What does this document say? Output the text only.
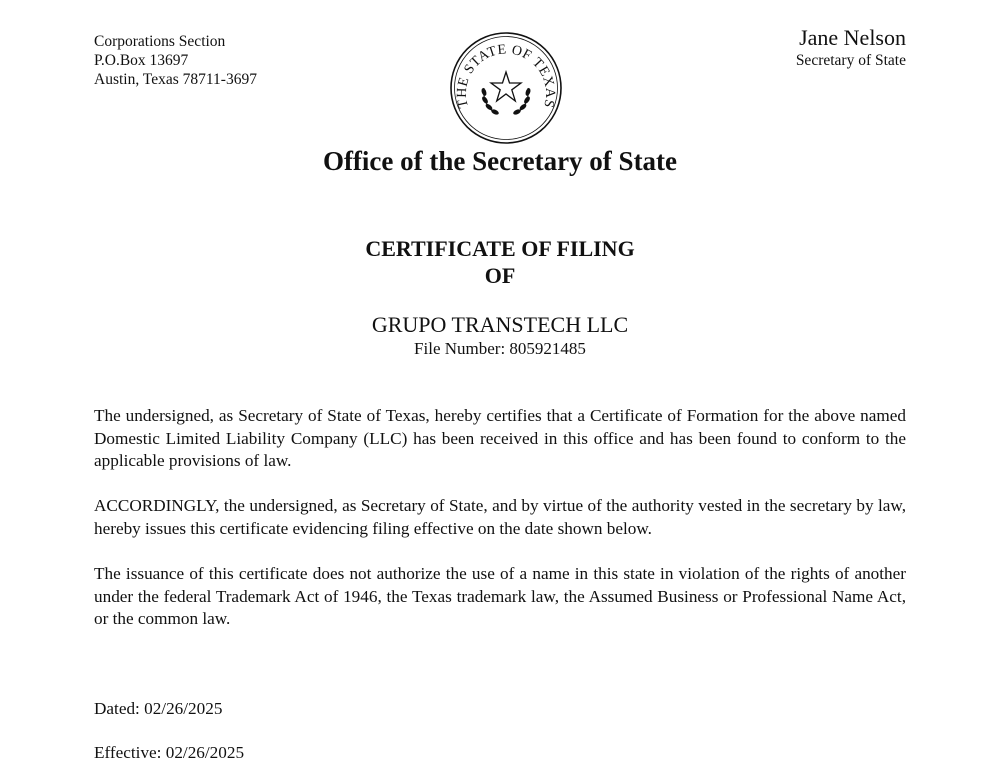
Corporations Section
P.O.Box 13697
Austin, Texas 78711-3697
THE STATE OF TEXAS
Jane Nelson
Secretary of State
Office of the Secretary of State
CERTIFICATE OF FILING
OF
GRUPO TRANSTECH LLC
File Number: 805921485

The undersigned, as Secretary of State of Texas, hereby certifies that a Certificate of Formation for the above named Domestic Limited Liability Company (LLC) has been received in this office and has been found to conform to the applicable provisions of law.

ACCORDINGLY, the undersigned, as Secretary of State, and by virtue of the authority vested in the secretary by law, hereby issues this certificate evidencing filing effective on the date shown below.

The issuance of this certificate does not authorize the use of a name in this state in violation of the rights of another under the federal Trademark Act of 1946, the Texas trademark law, the Assumed Business or Professional Name Act, or the common law.

Dated: 02/26/2025
Effective: 02/26/2025
